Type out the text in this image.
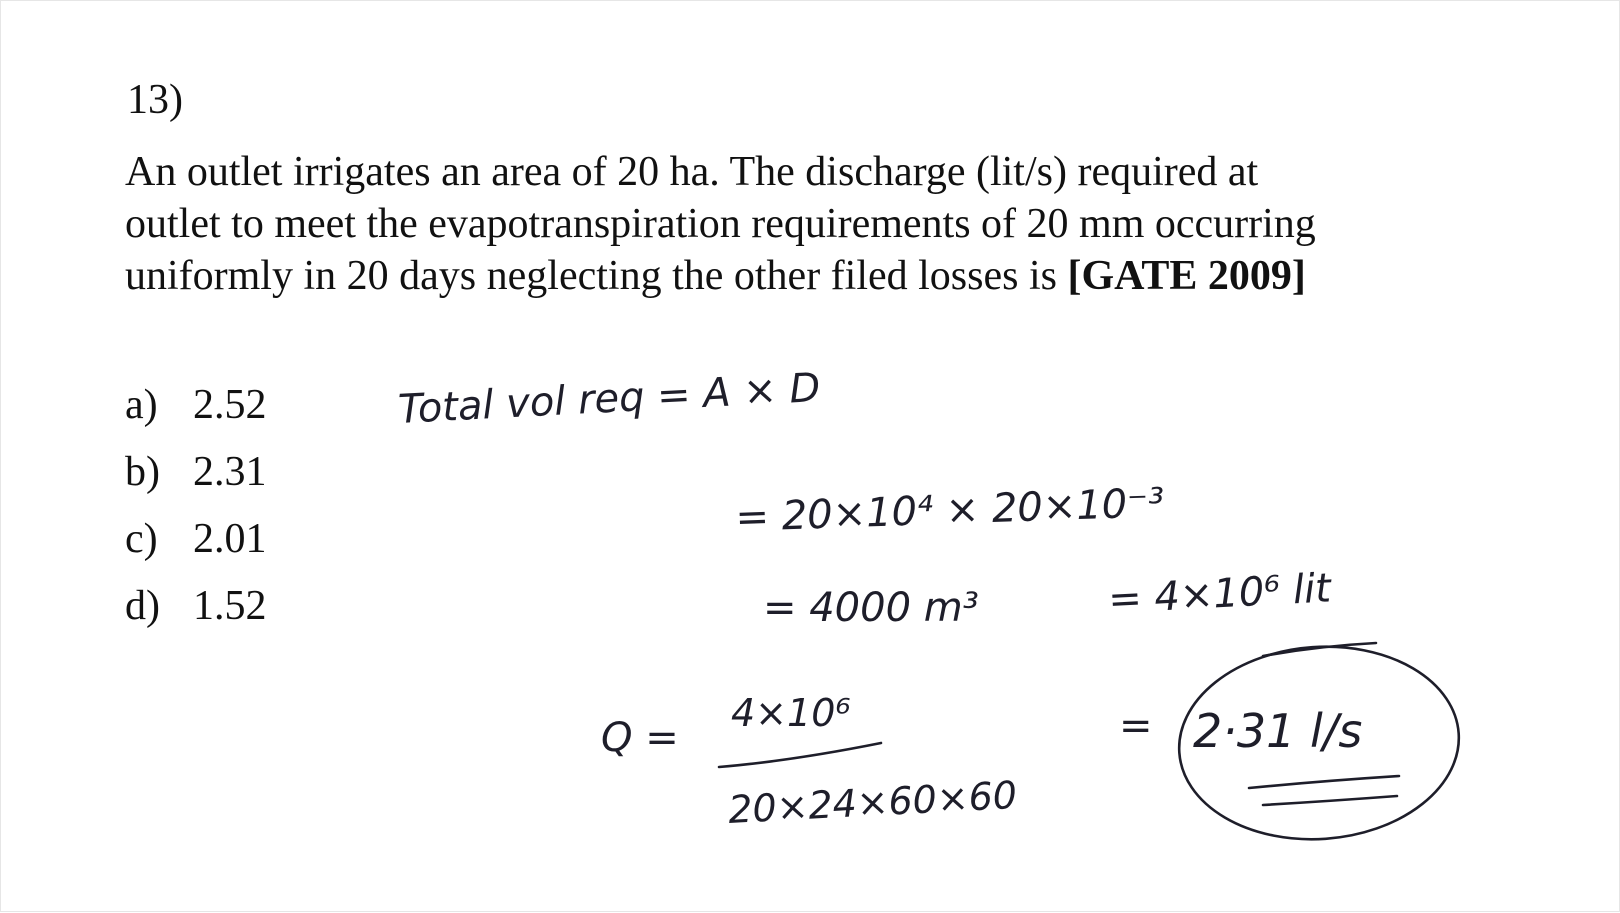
13)
An outlet irrigates an area of 20 ha. The discharge (lit/s) required at
outlet to meet the evapotranspiration requirements of 20 mm occurring
uniformly in 20 days neglecting the other filed losses is [GATE 2009]
a) 2.52
b) 2.31
c) 2.01
d) 1.52
Total vol req = A × D
= 20×10⁴ × 20×10⁻³
= 4000 m³	= 4×10⁶ lit
Q =
4×10⁶
20×24×60×60
= 2·31 l/s
